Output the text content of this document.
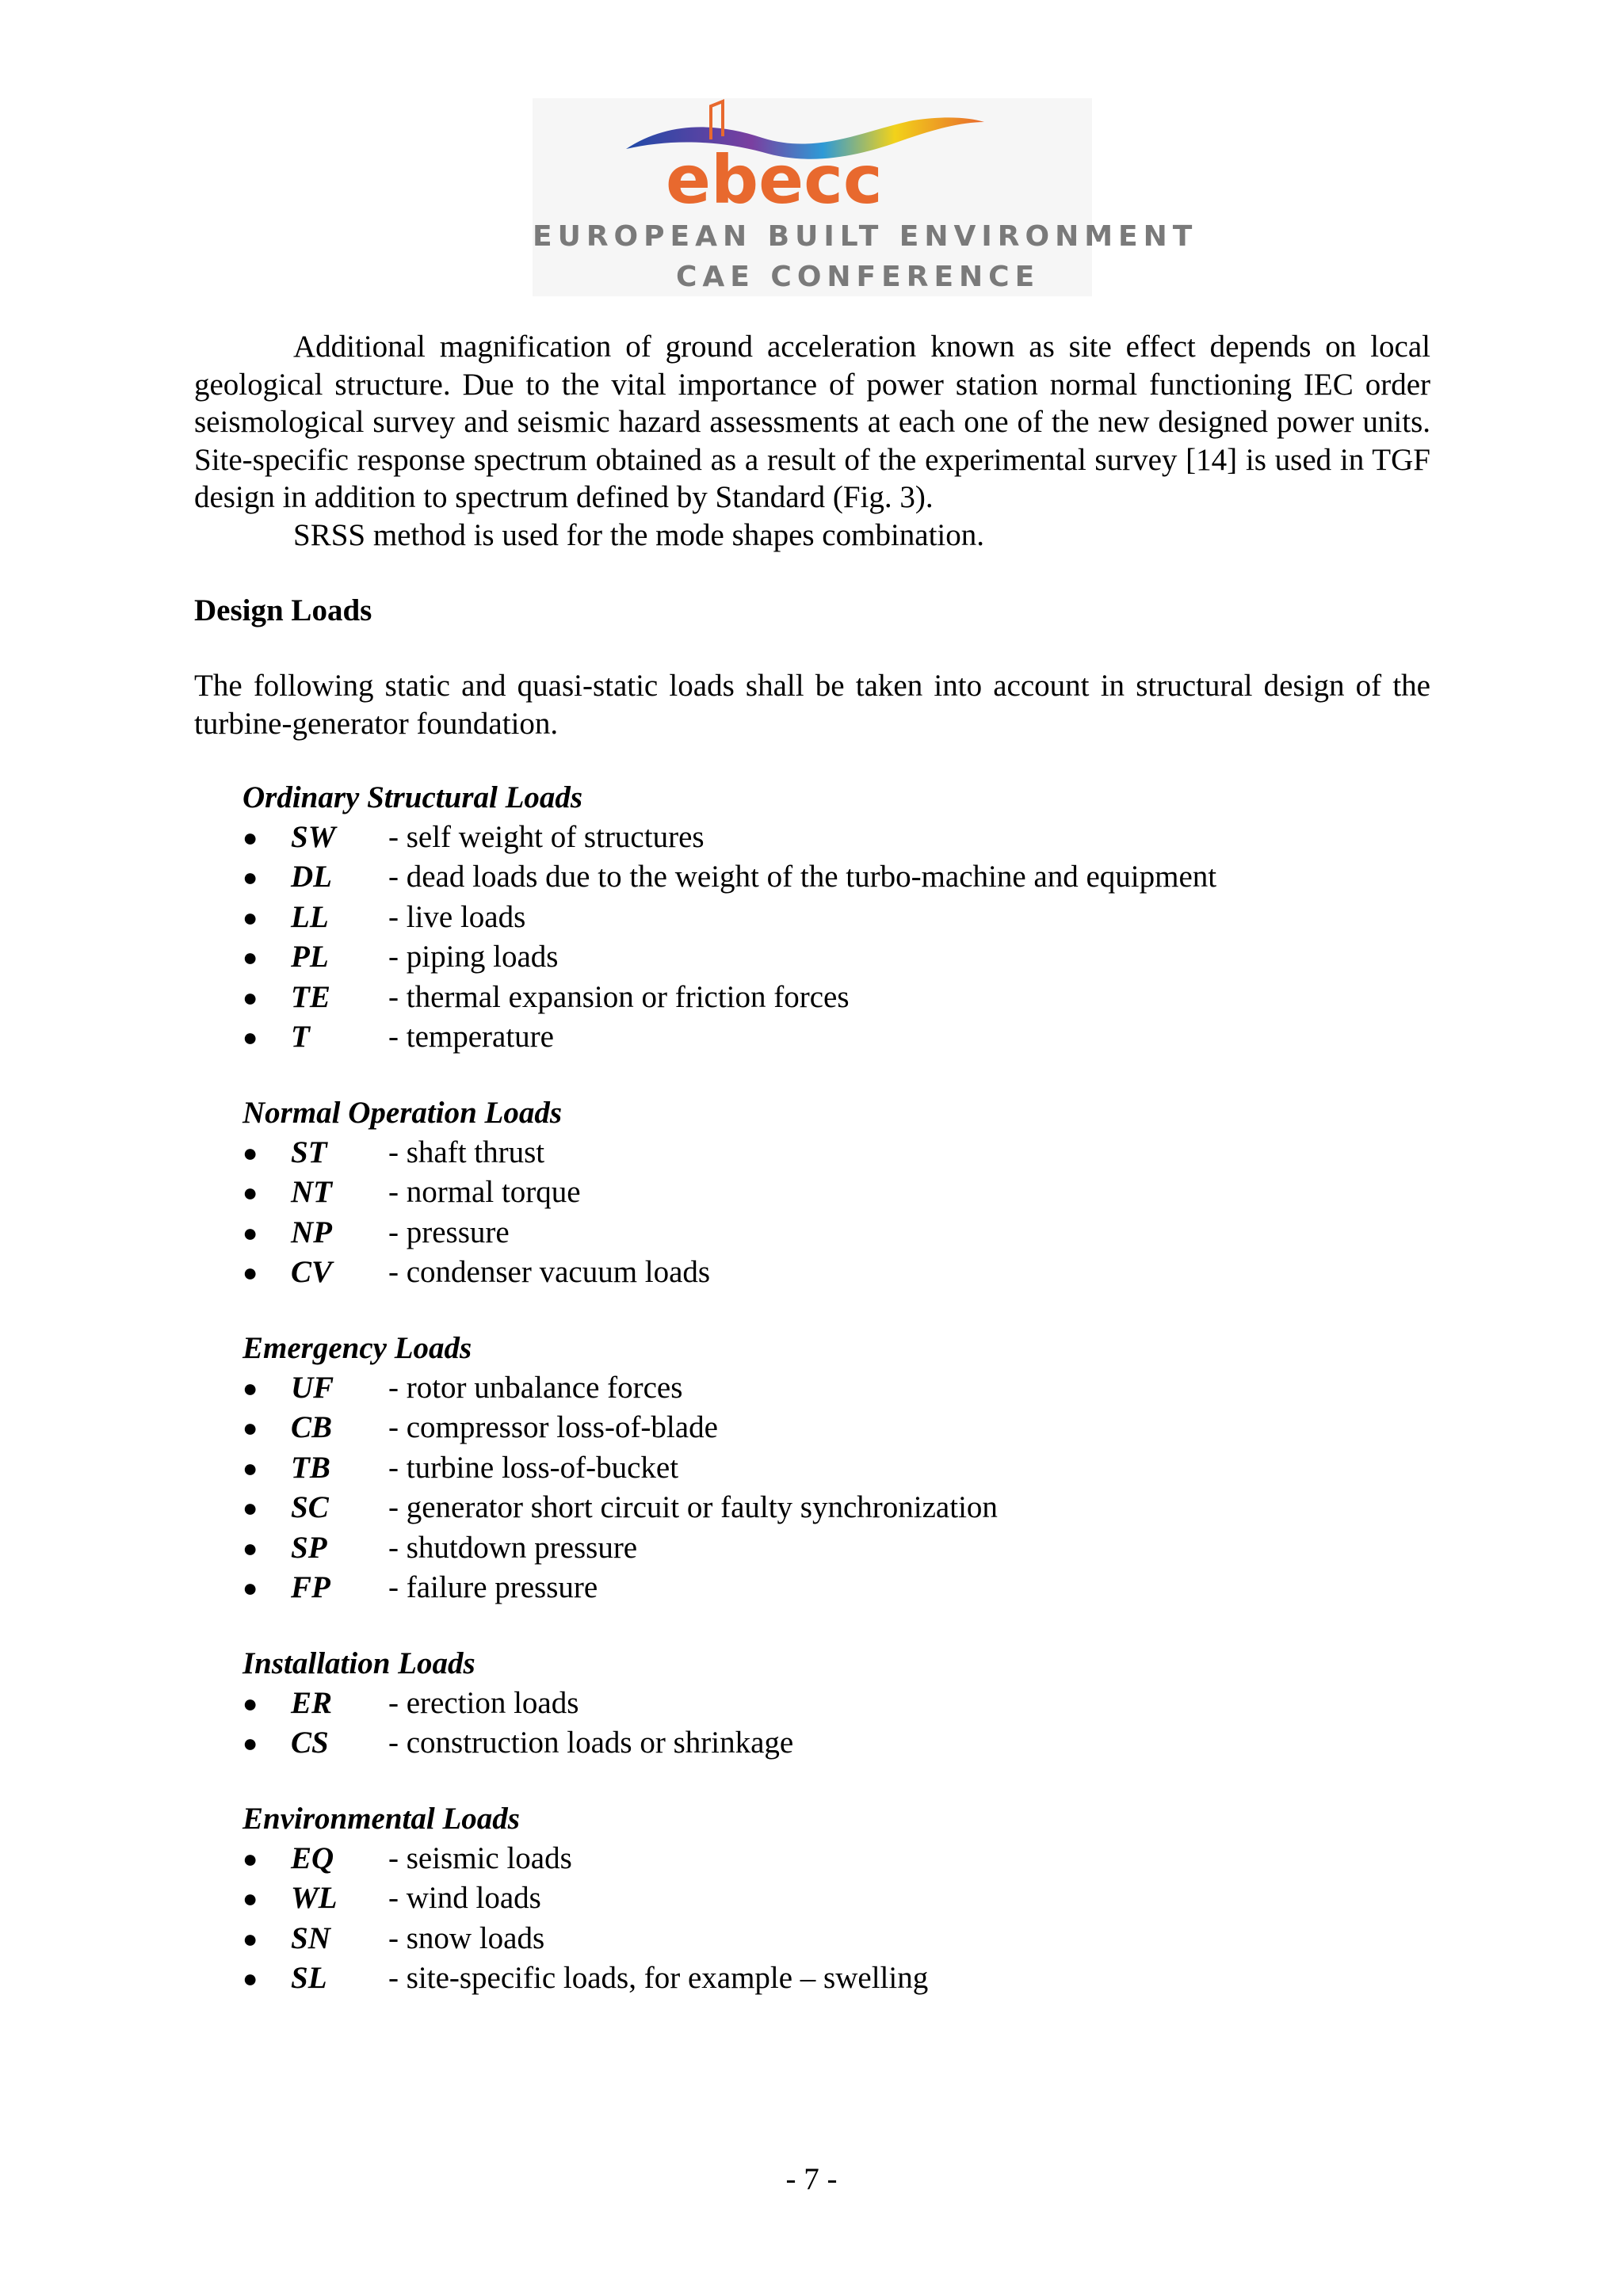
ebecc
EUROPEAN BUILT ENVIRONMENT
CAE CONFERENCE

Additional magnification of ground acceleration known as site effect depends on local geological structure. Due to the vital importance of power station normal functioning IEC order seismological survey and seismic hazard assessments at each one of the new designed power units. Site-specific response spectrum obtained as a result of the experimental survey [14] is used in TGF design in addition to spectrum defined by Standard (Fig. 3).

SRSS method is used for the mode shapes combination.

Design Loads

The following static and quasi-static loads shall be taken into account in structural design of the turbine-generator foundation.

Ordinary Structural Loads

● SW - self weight of structures
● DL - dead loads due to the weight of the turbo-machine and equipment
● LL - live loads
● PL - piping loads
● TE - thermal expansion or friction forces
● T	- temperature

Normal Operation Loads

● ST - shaft thrust
● NT - normal torque
● NP - pressure
● CV - condenser vacuum loads

Emergency Loads

● UF - rotor unbalance forces
● CB - compressor loss-of-blade
● TB - turbine loss-of-bucket
● SC - generator short circuit or faulty synchronization
● SP - shutdown pressure
● FP - failure pressure

Installation Loads

● ER - erection loads
● CS - construction loads or shrinkage

Environmental Loads

● EQ - seismic loads
● WL - wind loads
● SN - snow loads
● SL - site-specific loads, for example – swelling
- 7 -
